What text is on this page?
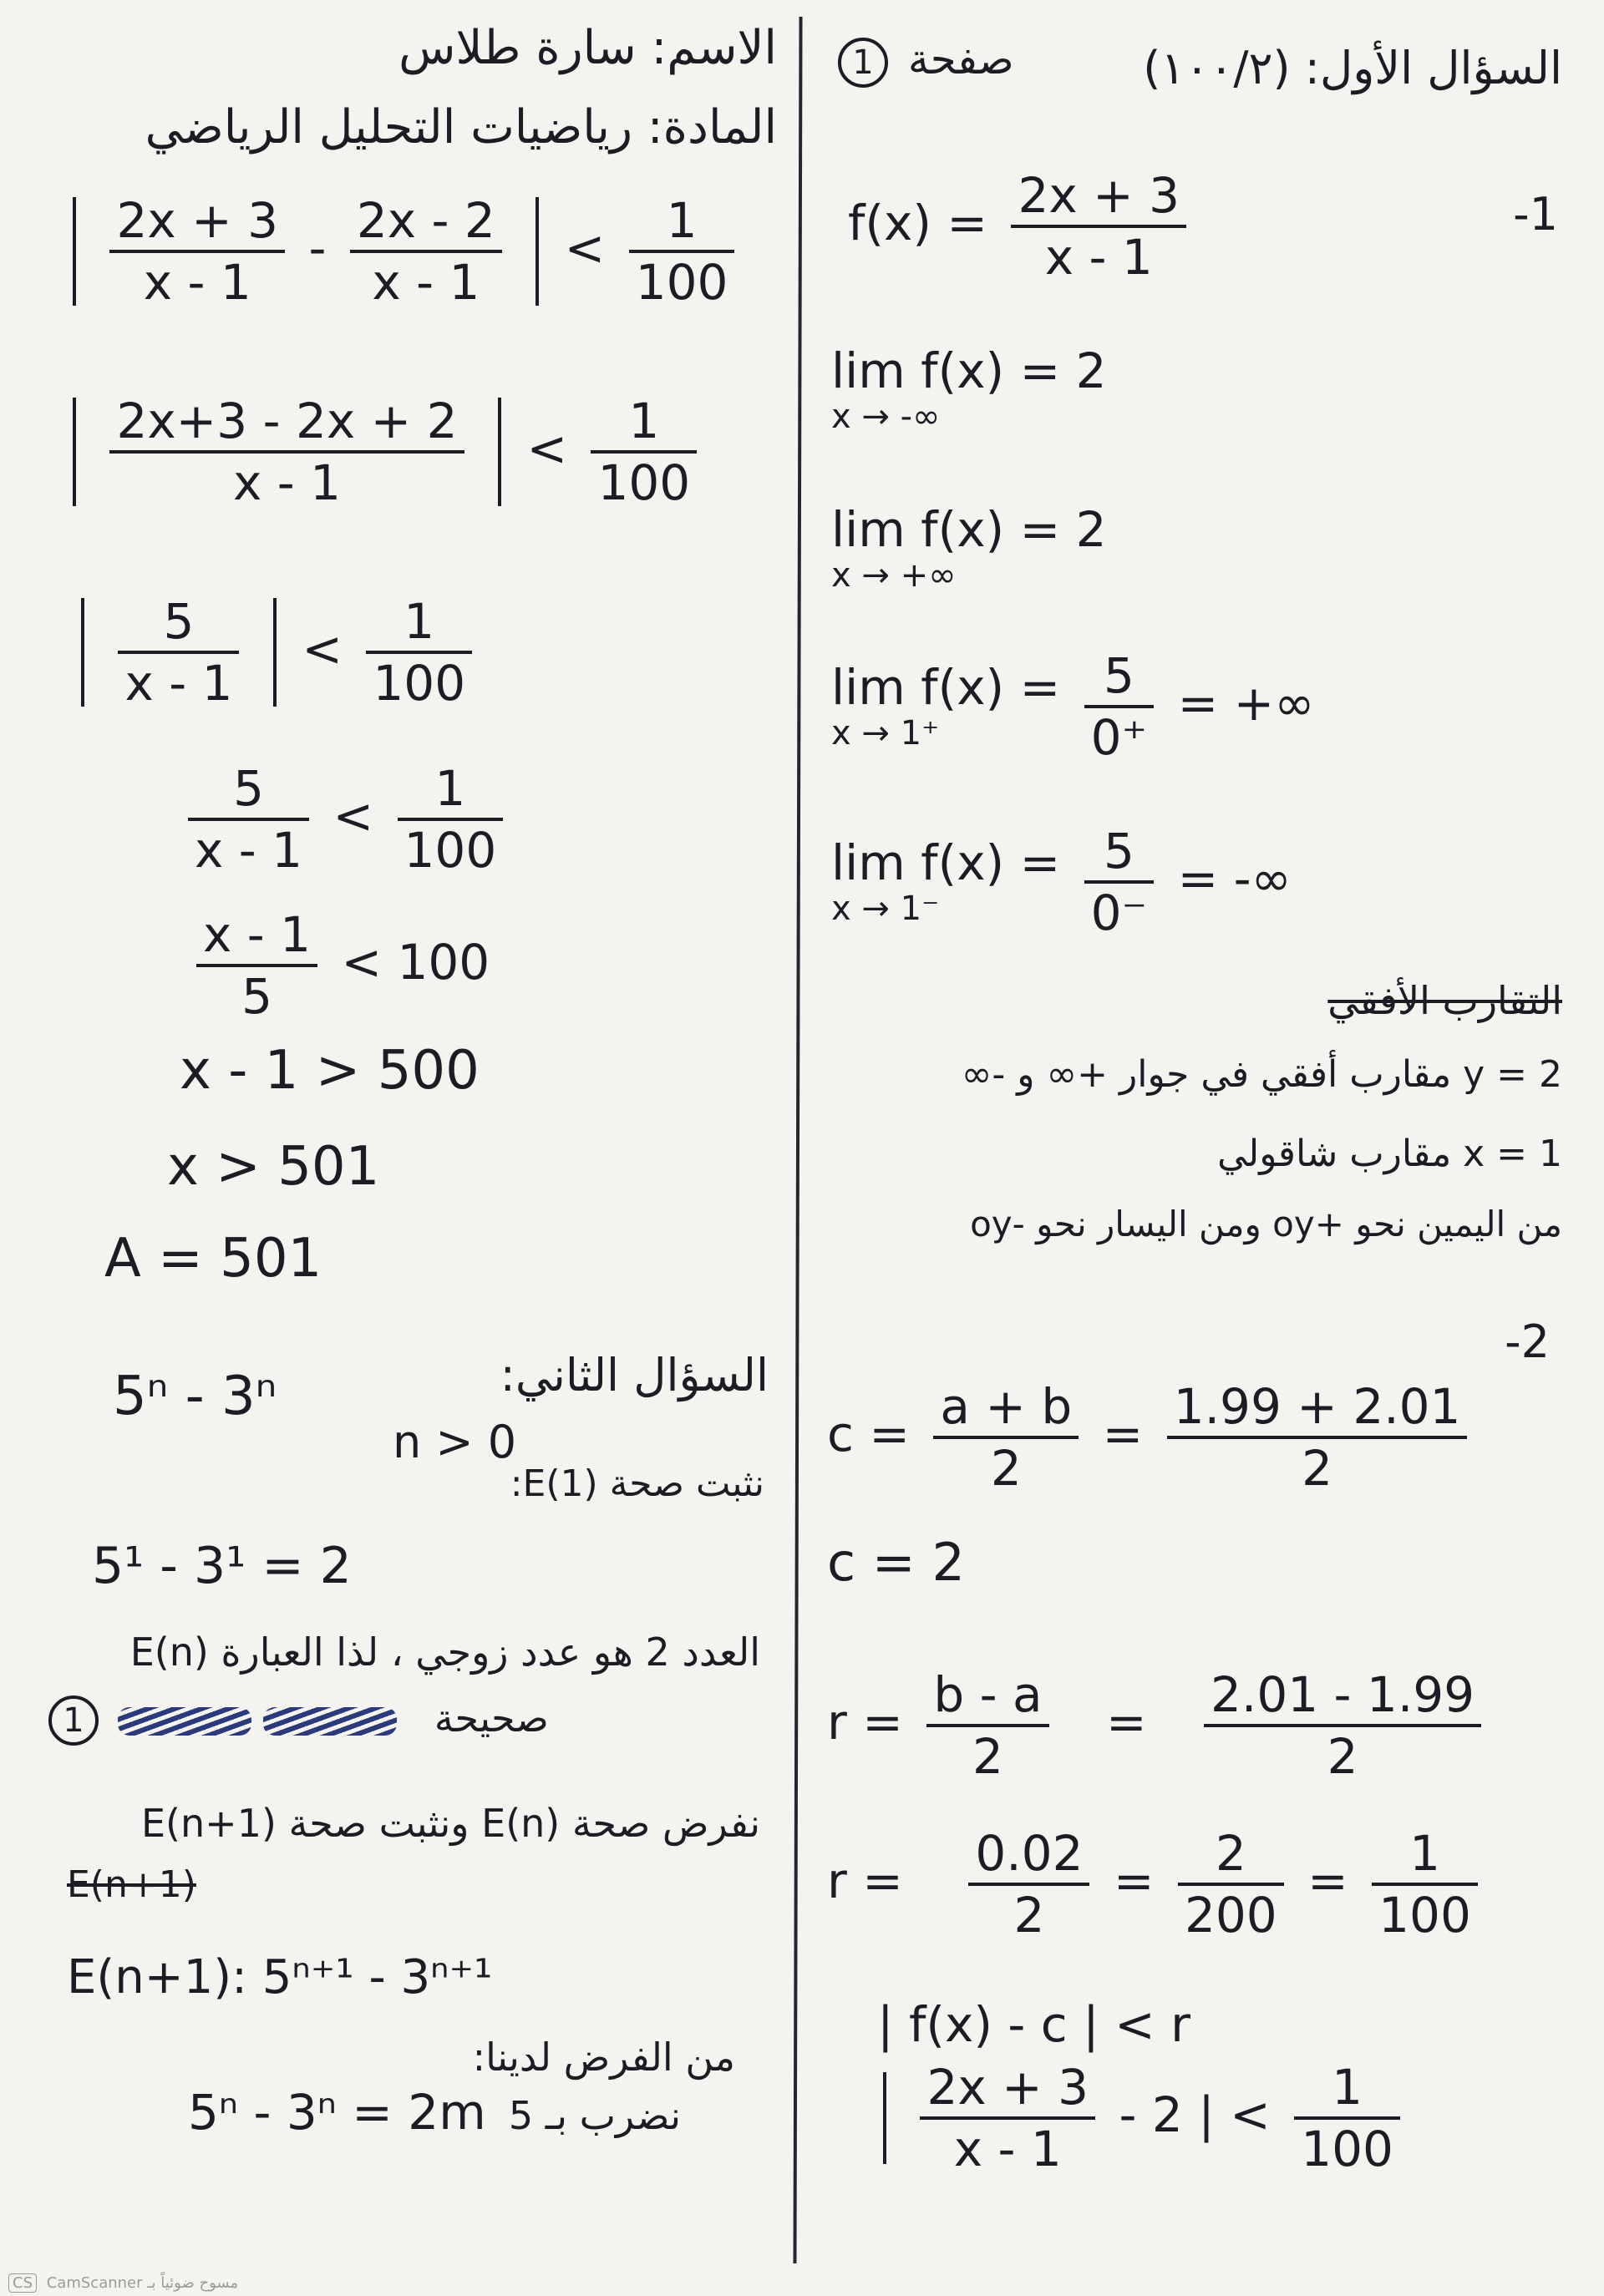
الاسم: سارة طلاس
المادة: رياضيات التحليل الرياضي

$\frac{2x + 3}{x - 1} - \frac{2x - 2}{x - 1} < \frac{1}{100}$

$\frac{2x+3 - 2x + 2}{x - 1} < \frac{1}{100}$

$\frac{5}{x - 1} < \frac{1}{100}$
$\frac{5}{x - 1} < \frac{1}{100}$
$\frac{x - 1}{5} < 100$
x - 1 > 500
x > 501
A = 501
السؤال الثاني:
5ⁿ - 3ⁿ
n > 0
نثبت صحة E(1):
5¹ - 3¹ = 2
العدد 2 هو عدد زوجي ، لذا العبارة E(n)
1	صحيحة
نفرض صحة E(n) ونثبت صحة E(n+1)
E(n+1)
E(n+1): 5ⁿ⁺¹ - 3ⁿ⁺¹
من الفرض لدينا:
5ⁿ - 3ⁿ = 2m نضرب بـ 5
1 صفحة	السؤال الأول: (١٠٠/٢)
-1
$f(x) = \frac{2x + 3}{x - 1}$
lim f(x) = 2
x → -∞
lim f(x) = 2
x → +∞
lim f(x) =
x → 1⁺
	$\frac{5}{0^+}$ = +∞
lim f(x) =
x → 1⁻
	$\frac{5}{0^-}$ = -∞
التقارب الأفقي
y = 2 مقارب أفقي في جوار +∞ و -∞
x = 1 مقارب شاقولي
من اليمين نحو +oy ومن اليسار نحو -oy
-2
$c = \frac{a + b}{2} = \frac{1.99 + 2.01}{2}$
c = 2
$r = \frac{b - a}{2} = \frac{2.01 - 1.99}{2}$
$r = \frac{0.02}{2} = \frac{2}{200} = \frac{1}{100}$
| f(x) - c | < r

$\frac{2x + 3}{x - 1} - 2$ | < $\frac{1}{100}$
CS CamScanner مسوح ضوئياً بـ
